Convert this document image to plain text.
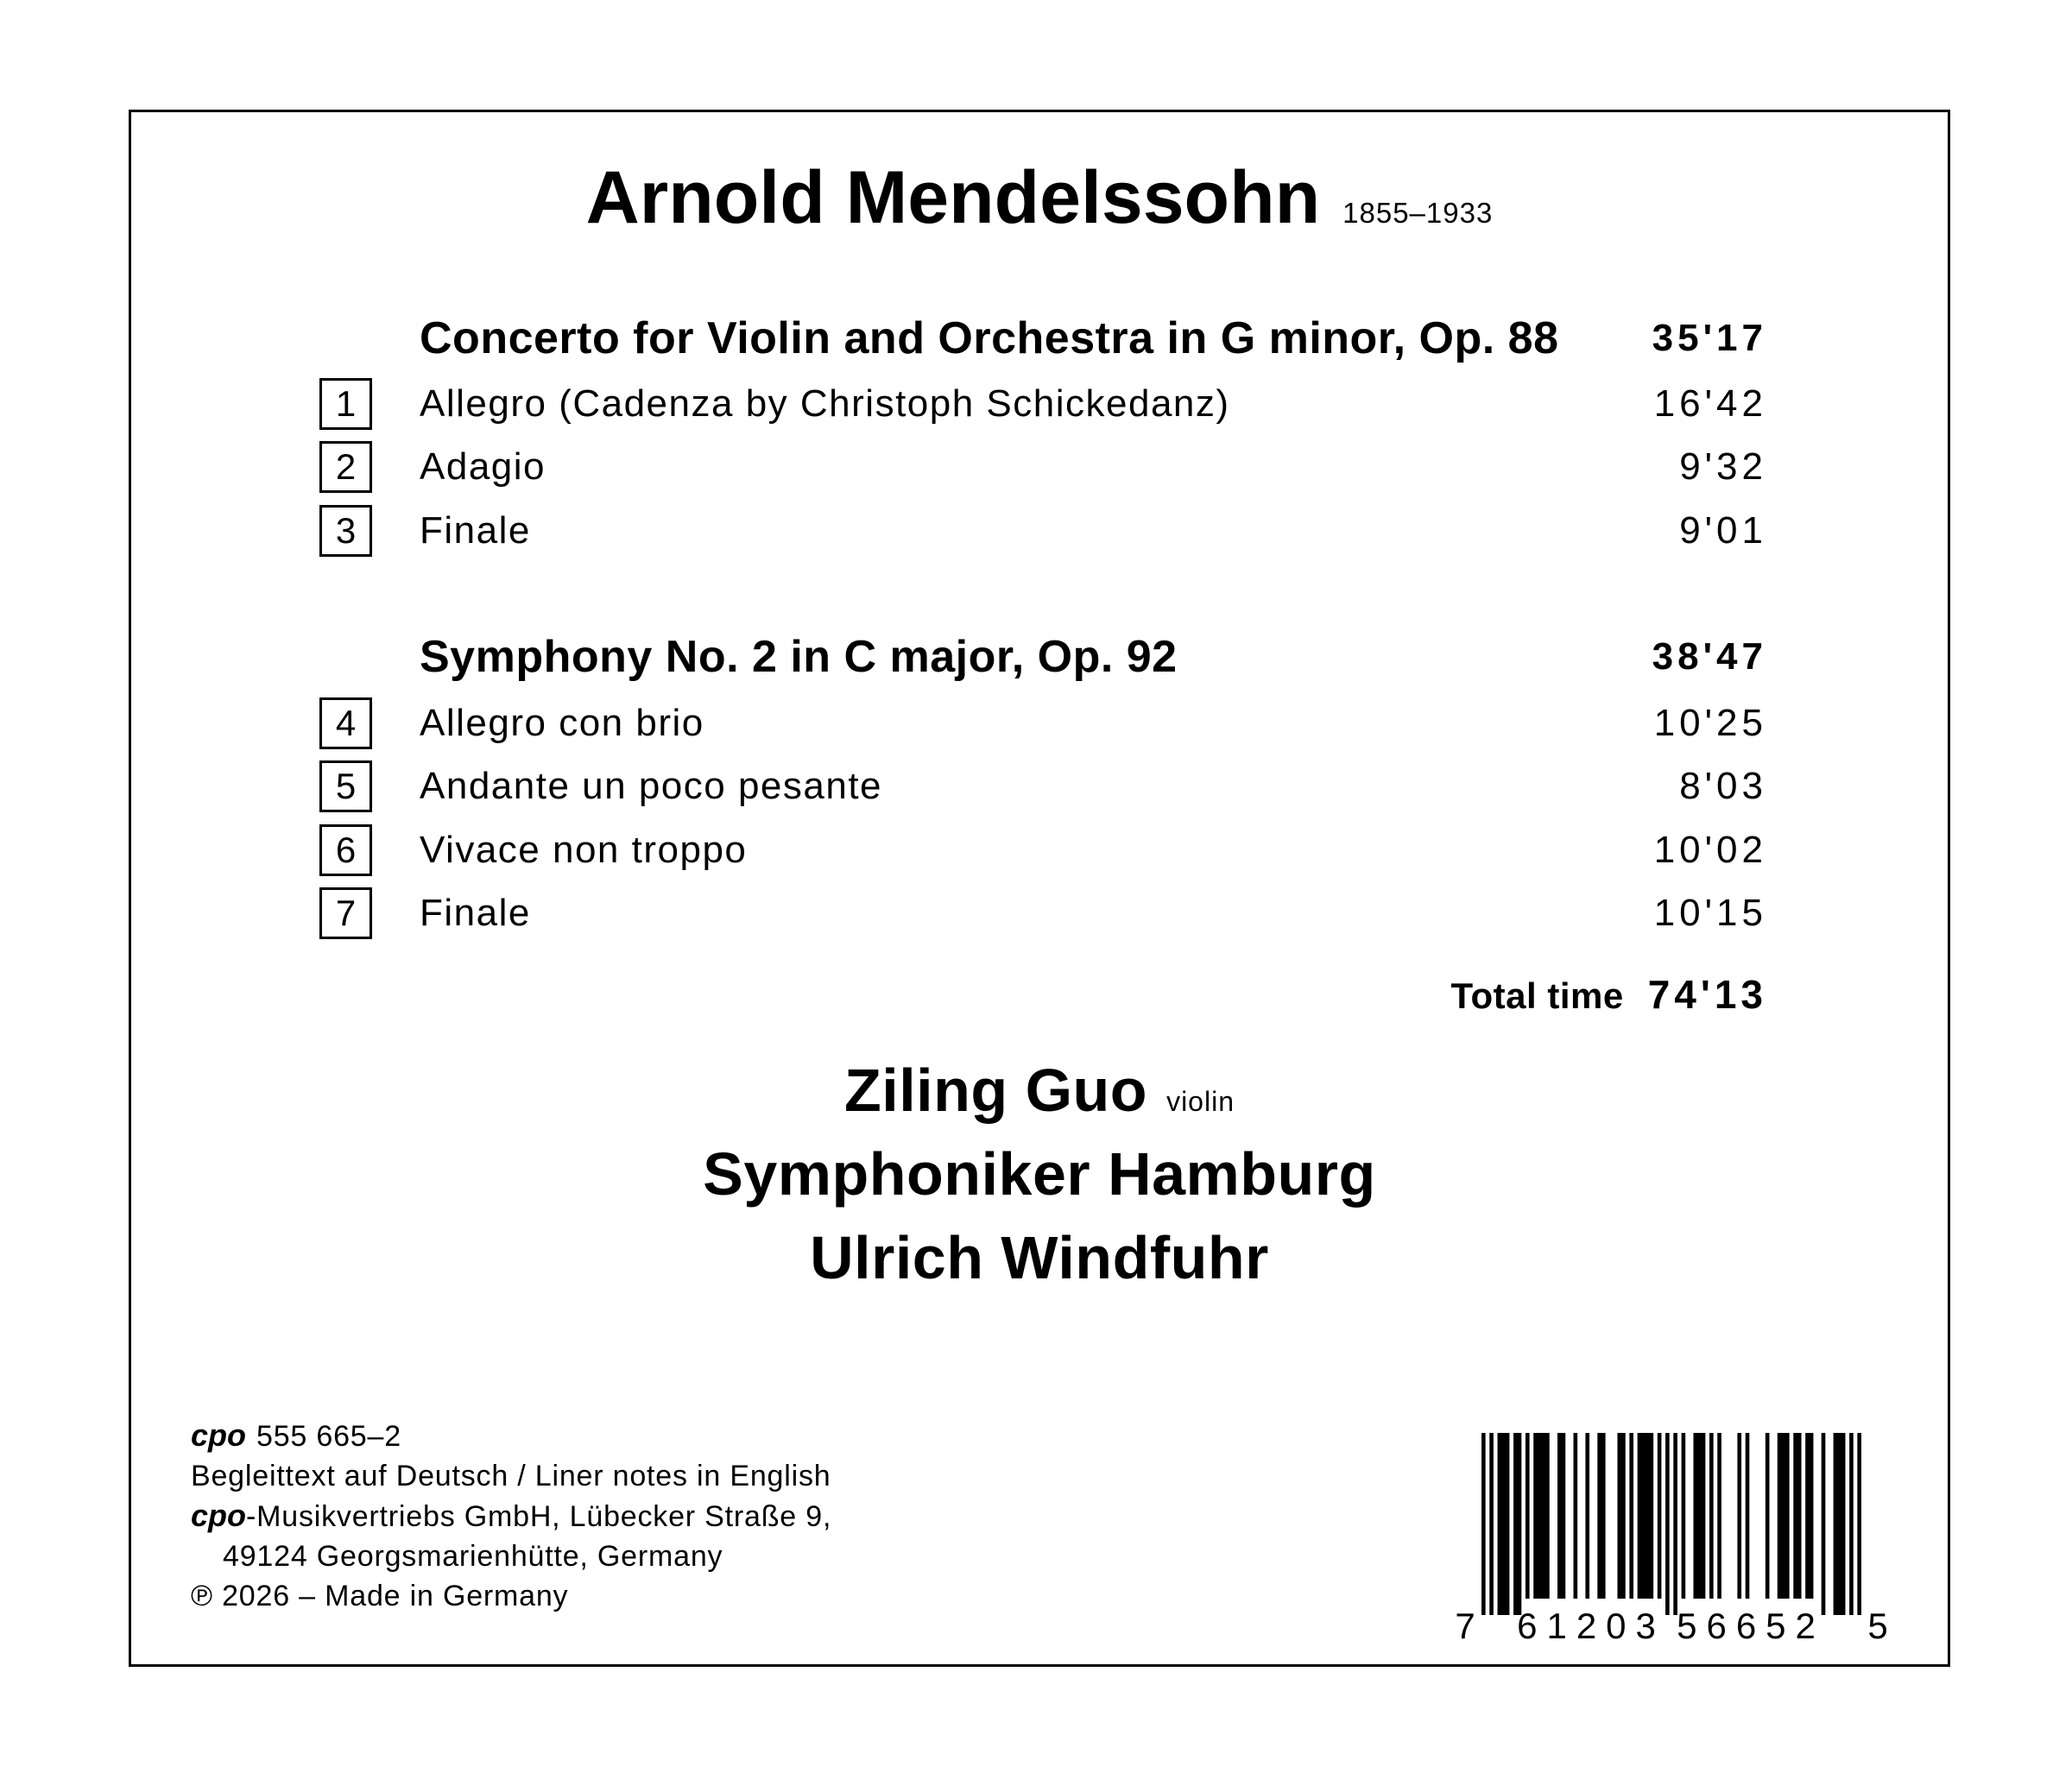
Arnold Mendelssohn 1855–1933
Concerto for Violin and Orchestra in G minor, Op. 88 35'17
1 Allegro (Cadenza by Christoph Schickedanz)	16'42
2 Adagio	9'32
3 Finale	9'01
Symphony No. 2 in C major, Op. 92	38'47
4 Allegro con brio	10'25
5 Andante un poco pesante	8'03
6 Vivace non troppo	10'02
7 Finale	10'15
Total time 74'13
Ziling Guo violin
Symphoniker Hamburg
Ulrich Windfuhr
cpo 555 665–2
Begleittext auf Deutsch / Liner notes in English
cpo-Musikvertriebs GmbH, Lübecker Straße 9,
49124 Georgsmarienhütte, Germany
℗ 2026 – Made in Germany
7 61203 56652 5
